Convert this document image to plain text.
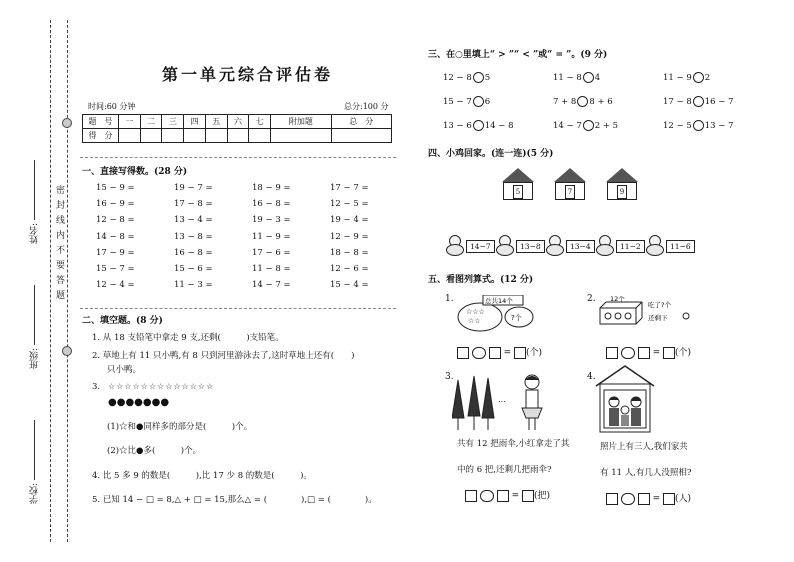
学校:
班级:
姓名: 密封线内不要答题
第一单元综合评估卷
时间:60 分钟	总分:100 分
题　号	一	二	三	四	五	六	七	附加题	总　分
得　分									
一、直接写得数。(28 分)
15 − 9 =	19 − 7 =	18 − 9 =	17 − 7 =
16 − 9 =	17 − 8 =	16 − 8 =	12 − 5 =
12 − 8 =	13 − 4 =	19 − 3 =	19 − 4 =
14 − 8 =	13 − 8 =	11 − 9 =	12 − 9 =
17 − 9 =	16 − 8 =	17 − 6 =	18 − 8 =
15 − 7 =	15 − 6 =	11 − 8 =	12 − 6 =
12 − 4 =	11 − 3 =	14 − 7 =	15 − 4 =
二、填空题。(8 分)
1. 从 18 支铅笔中拿走 9 支,还剩(　　　)支铅笔。
2. 草地上有 11 只小鸭,有 8 只到河里游泳去了,这时草地上还有(　　)
只小鸭。
3. ☆☆☆☆☆☆☆☆☆☆☆☆☆
●●●●●●●
(1)☆和●同样多的部分是(　　　)个。
(2)☆比●多(　　　)个。
4. 比 5 多 9 的数是(　　　),比 17 少 8 的数是(　　　)。
5. 已知 14 − □ = 8,△ + □ = 15,那么△ = (　　　　),□ = (　　　　)。
三、在○里填上“ > ”“ < ”或“ = ”。(9 分)
12 − 8 5	11 − 8 4	11 − 9 2
15 − 7 6	7 + 8 8 + 6	17 − 8 16 − 7
13 − 6 14 − 8	14 − 7 2 + 5	12 − 5 13 − 7
四、小鸡回家。(连一连)(5 分)
5	7	9
14−7	13−8	13−4	11−2	11−6
五、看图列算式。(12 分)
1.
☆☆☆
☆☆	?个
总共14个
= (个)
2. 12个
吃了?个
还剩下
= (个)
3.
…
共有 12 把雨伞,小红拿走了其
中的 6 把,还剩几把雨伞?
= (把)
4.
照片上有三人,我们家共
有 11 人,有几人没照相?
= (人)
